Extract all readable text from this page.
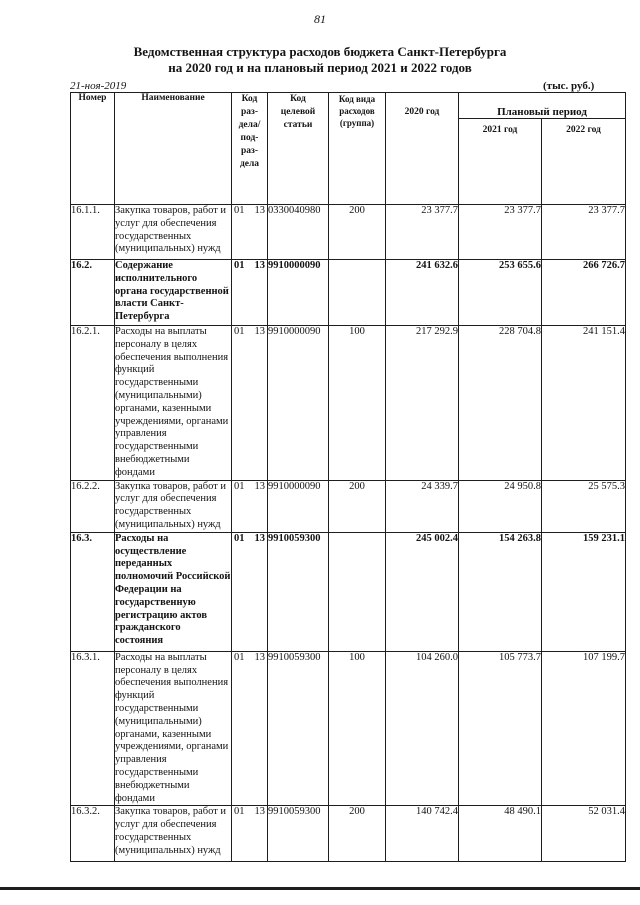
81
Ведомственная структура расходов бюджета Санкт-Петербурга
на 2020 год и на плановый период 2021 и 2022 годов
21-ноя-2019	(тыс. руб.)
Номер	Наименование	Код раз- дела/ под- раз- дела	Код целевой статьи	Код вида расходов (группа)	2020 год	Плановый период	
						2021 год	2022 год
16.1.1.	Закупка товаров, работ и услуг для обеспечения  государственных (муниципальных) нужд	01 13	0330040980	200	23 377.7	23 377.7	23 377.7
16.2.	Содержание исполнительного органа государственной   власти Санкт-Петербурга	01 13	9910000090		241 632.6	253 655.6	266 726.7
16.2.1.	Расходы на выплаты персоналу в целях обеспечения выполнения функций государственными (муниципальными) органами, казенными учреждениями, органами управления государственными внебюджетными фондами	01 13	9910000090	100	217 292.9	228 704.8	241 151.4
16.2.2.	Закупка товаров, работ и услуг для обеспечения  государственных (муниципальных) нужд	01 13	9910000090	200	24 339.7	24 950.8	25 575.3
16.3.	Расходы на осуществление переданных полномочий Российской Федерации на государственную регистрацию актов гражданского состояния	01 13	9910059300		245 002.4	154 263.8	159 231.1
16.3.1.	Расходы на выплаты персоналу в целях обеспечения выполнения функций государственными (муниципальными) органами, казенными учреждениями, органами управления государственными внебюджетными фондами	01 13	9910059300	100	104 260.0	105 773.7	107 199.7
16.3.2.	Закупка товаров, работ и услуг для обеспечения  государственных (муниципальных) нужд	01 13	9910059300	200	140 742.4	48 490.1	52 031.4
